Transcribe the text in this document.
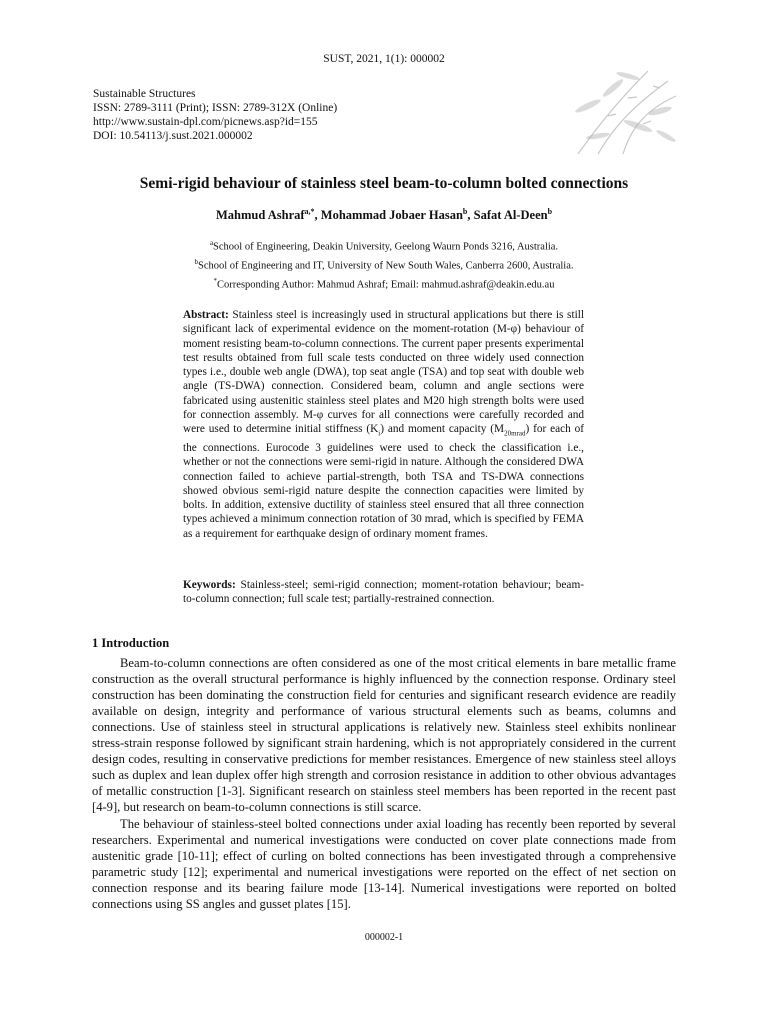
SUST, 2021, 1(1): 000002
Sustainable Structures
ISSN: 2789-3111 (Print); ISSN: 2789-312X (Online)
http://www.sustain-dpl.com/picnews.asp?id=155
DOI: 10.54113/j.sust.2021.000002
Semi-rigid behaviour of stainless steel beam-to-column bolted connections
Mahmud Ashraf$^{a,*}$, Mohammad Jobaer Hasan$^b$, Safat Al-Deen$^b$
$^a$School of Engineering, Deakin University, Geelong Waurn Ponds 3216, Australia.
$^b$School of Engineering and IT, University of New South Wales, Canberra 2600, Australia.
*Corresponding Author: Mahmud Ashraf; Email: mahmud.ashraf@deakin.edu.au
Abstract: Stainless steel is increasingly used in structural applications but there is still significant lack of experimental evidence on the moment-rotation (M-φ) behaviour of moment resisting beam-to-column connections. The current paper presents experimental test results obtained from full scale tests conducted on three widely used connection types i.e., double web angle (DWA), top seat angle (TSA) and top seat with double web angle (TS-DWA) connection. Considered beam, column and angle sections were fabricated using austenitic stainless steel plates and M20 high strength bolts were used for connection assembly. M-φ curves for all connections were carefully recorded and were used to determine initial stiffness $(K_i)$ and moment capacity $(M_{20mrad})$ for each of the connections. Eurocode 3 guidelines were used to check the classification i.e., whether or not the connections were semi-rigid in nature. Although the considered DWA connection failed to achieve partial-strength, both TSA and TS-DWA connections showed obvious semi-rigid nature despite the connection capacities were limited by bolts. In addition, extensive ductility of stainless steel ensured that all three connection types achieved a minimum connection rotation of 30 mrad, which is specified by FEMA as a requirement for earthquake design of ordinary moment frames.
Keywords: Stainless-steel; semi-rigid connection; moment-rotation behaviour; beam-to-column connection; full scale test; partially-restrained connection.
1 Introduction

Beam-to-column connections are often considered as one of the most critical elements in bare metallic frame construction as the overall structural performance is highly influenced by the connection response. Ordinary steel construction has been dominating the construction field for centuries and significant research evidence are readily available on design, integrity and performance of various structural elements such as beams, columns and connections. Use of stainless steel in structural applications is relatively new. Stainless steel exhibits nonlinear stress-strain response followed by significant strain hardening, which is not appropriately considered in the current design codes, resulting in conservative predictions for member resistances. Emergence of new stainless steel alloys such as duplex and lean duplex offer high strength and corrosion resistance in addition to other obvious advantages of metallic construction [1-3]. Significant research on stainless steel members has been reported in the recent past [4-9], but research on beam-to-column connections is still scarce.

The behaviour of stainless-steel bolted connections under axial loading has recently been reported by several researchers. Experimental and numerical investigations were conducted on cover plate connections made from austenitic grade [10-11]; effect of curling on bolted connections has been investigated through a comprehensive parametric study [12]; experimental and numerical investigations were reported on the effect of net section on connection response and its bearing failure mode [13-14]. Numerical investigations were reported on bolted connections using SS angles and gusset plates [15].

000002-1
